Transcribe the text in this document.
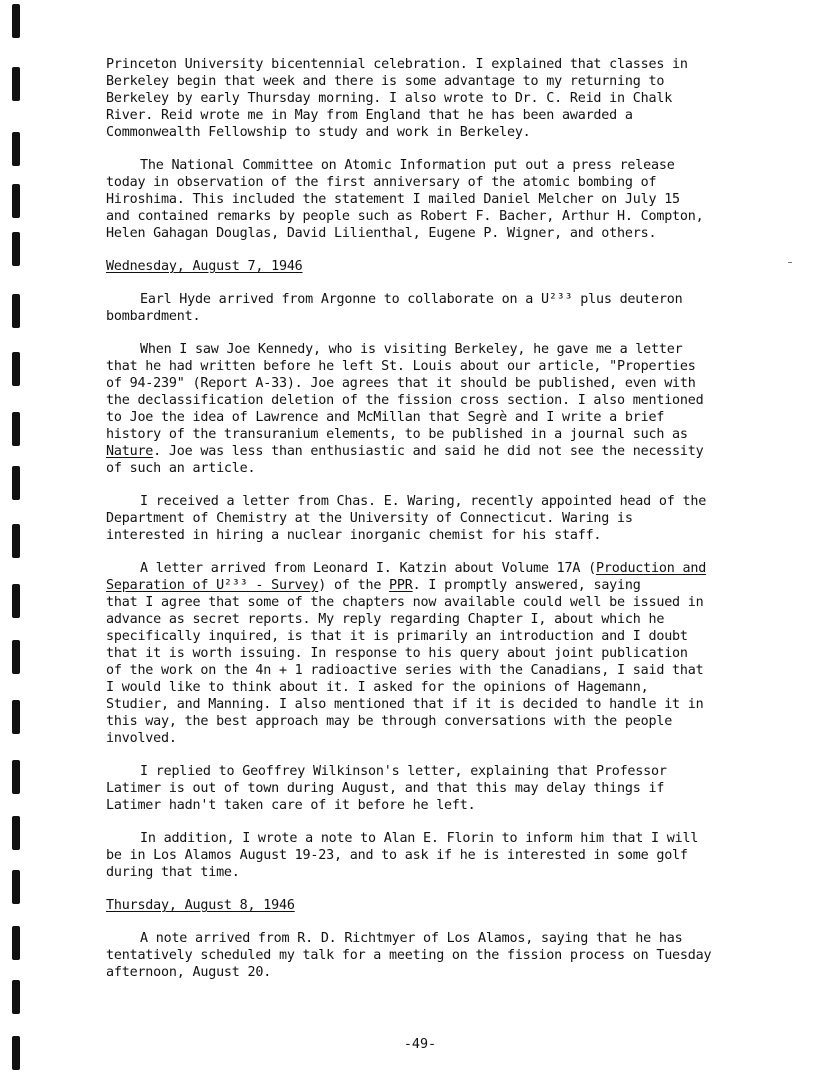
Princeton University bicentennial celebration. I explained that classes in
Berkeley begin that week and there is some advantage to my returning to
Berkeley by early Thursday morning. I also wrote to Dr. C. Reid in Chalk
River. Reid wrote me in May from England that he has been awarded a
Commonwealth Fellowship to study and work in Berkeley.

The National Committee on Atomic Information put out a press release
today in observation of the first anniversary of the atomic bombing of
Hiroshima. This included the statement I mailed Daniel Melcher on July 15
and contained remarks by people such as Robert F. Bacher, Arthur H. Compton,
Helen Gahagan Douglas, David Lilienthal, Eugene P. Wigner, and others.

Wednesday, August 7, 1946

Earl Hyde arrived from Argonne to collaborate on a U²³³ plus deuteron
bombardment.

When I saw Joe Kennedy, who is visiting Berkeley, he gave me a letter
that he had written before he left St. Louis about our article, "Properties
of 94-239" (Report A-33). Joe agrees that it should be published, even with
the declassification deletion of the fission cross section. I also mentioned
to Joe the idea of Lawrence and McMillan that Segrè and I write a brief
history of the transuranium elements, to be published in a journal such as
Nature. Joe was less than enthusiastic and said he did not see the necessity
of such an article.

I received a letter from Chas. E. Waring, recently appointed head of the
Department of Chemistry at the University of Connecticut. Waring is
interested in hiring a nuclear inorganic chemist for his staff.

A letter arrived from Leonard I. Katzin about Volume 17A (Production and
Separation of U²³³ - Survey) of the PPR. I promptly answered, saying
that I agree that some of the chapters now available could well be issued in
advance as secret reports. My reply regarding Chapter I, about which he
specifically inquired, is that it is primarily an introduction and I doubt
that it is worth issuing. In response to his query about joint publication
of the work on the 4n + 1 radioactive series with the Canadians, I said that
I would like to think about it. I asked for the opinions of Hagemann,
Studier, and Manning. I also mentioned that if it is decided to handle it in
this way, the best approach may be through conversations with the people
involved.

I replied to Geoffrey Wilkinson's letter, explaining that Professor
Latimer is out of town during August, and that this may delay things if
Latimer hadn't taken care of it before he left.

In addition, I wrote a note to Alan E. Florin to inform him that I will
be in Los Alamos August 19-23, and to ask if he is interested in some golf
during that time.

Thursday, August 8, 1946

A note arrived from R. D. Richtmyer of Los Alamos, saying that he has
tentatively scheduled my talk for a meeting on the fission process on Tuesday
afternoon, August 20.

-49-
